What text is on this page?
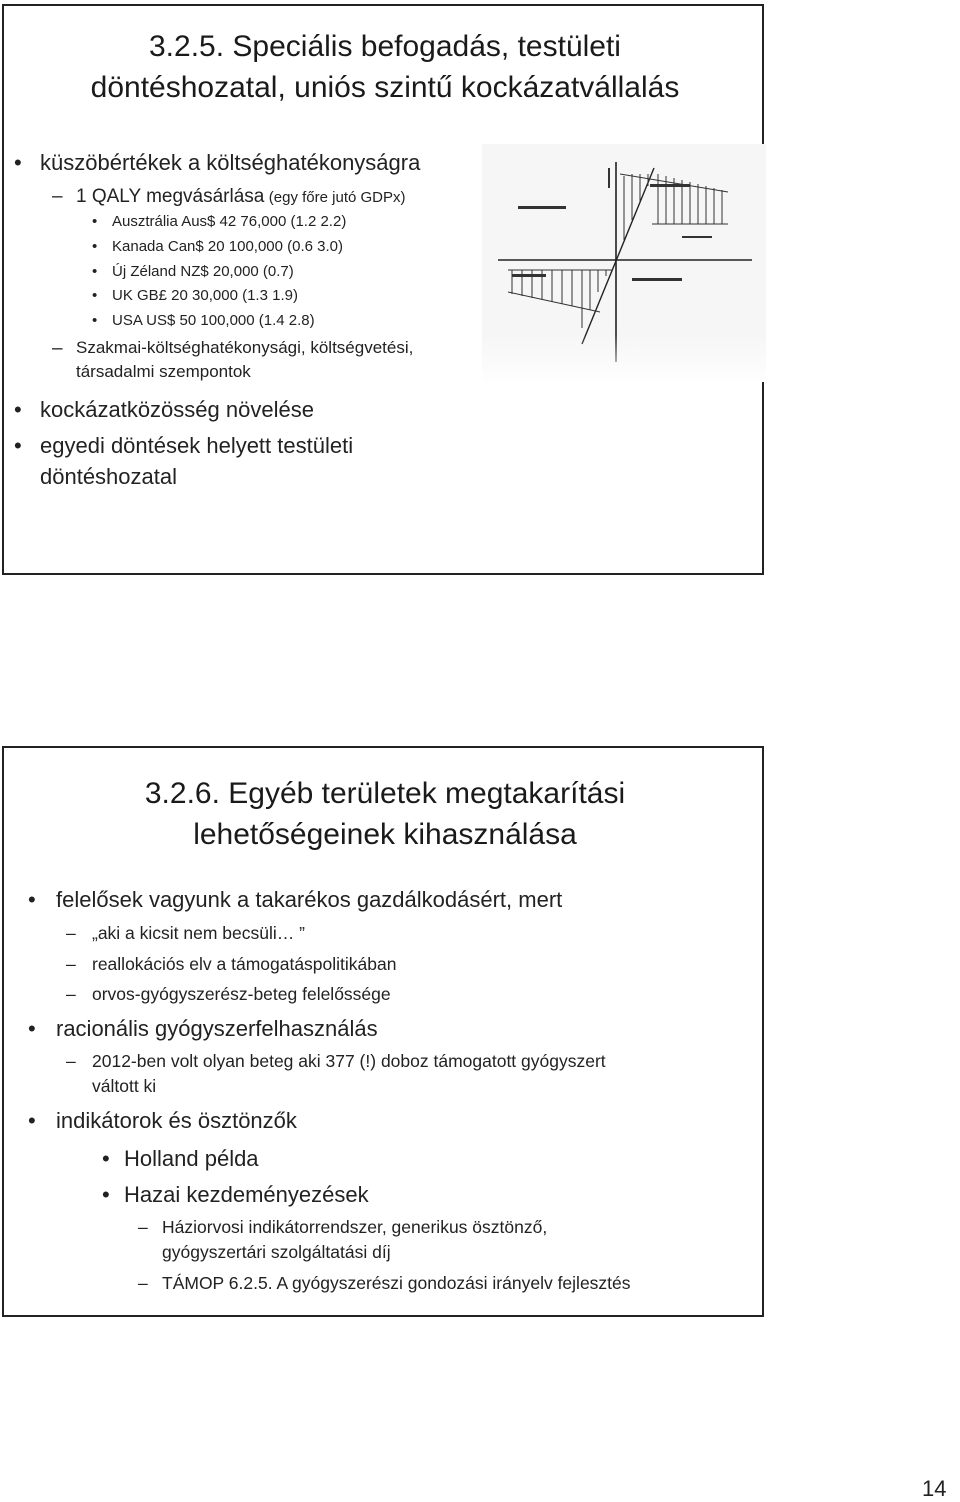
3.2.5. Speciális befogadás, testületi
döntéshozatal, uniós szintű kockázatvállalás
• küszöbértékek a költséghatékonyságra
– 1 QALY megvásárlása (egy főre jutó GDPx)
• Ausztrália Aus$ 42 76,000 (1.2 2.2)
• Kanada Can$ 20 100,000 (0.6 3.0)
• Új Zéland NZ$ 20,000 (0.7)
• UK GB£ 20 30,000 (1.3 1.9)
• USA US$ 50 100,000 (1.4 2.8)
– Szakmai-költséghatékonysági, költségvetési,
társadalmi szempontok
• kockázatközösség növelése
• egyedi döntések helyett testületi
döntéshozatal
3.2.6. Egyéb területek megtakarítási
lehetőségeinek kihasználása
• felelősek vagyunk a takarékos gazdálkodásért, mert
– „aki a kicsit nem becsüli… ”
– reallokációs elv a támogatáspolitikában
– orvos-gyógyszerész-beteg felelőssége
• racionális gyógyszerfelhasználás
– 2012-ben volt olyan beteg aki 377 (!) doboz támogatott gyógyszert
váltott ki
• indikátorok és ösztönzők
• Holland példa
• Hazai kezdeményezések
– Háziorvosi indikátorrendszer, generikus ösztönző,
gyógyszertári szolgáltatási díj
– TÁMOP 6.2.5. A gyógyszerészi gondozási irányelv fejlesztés
14
